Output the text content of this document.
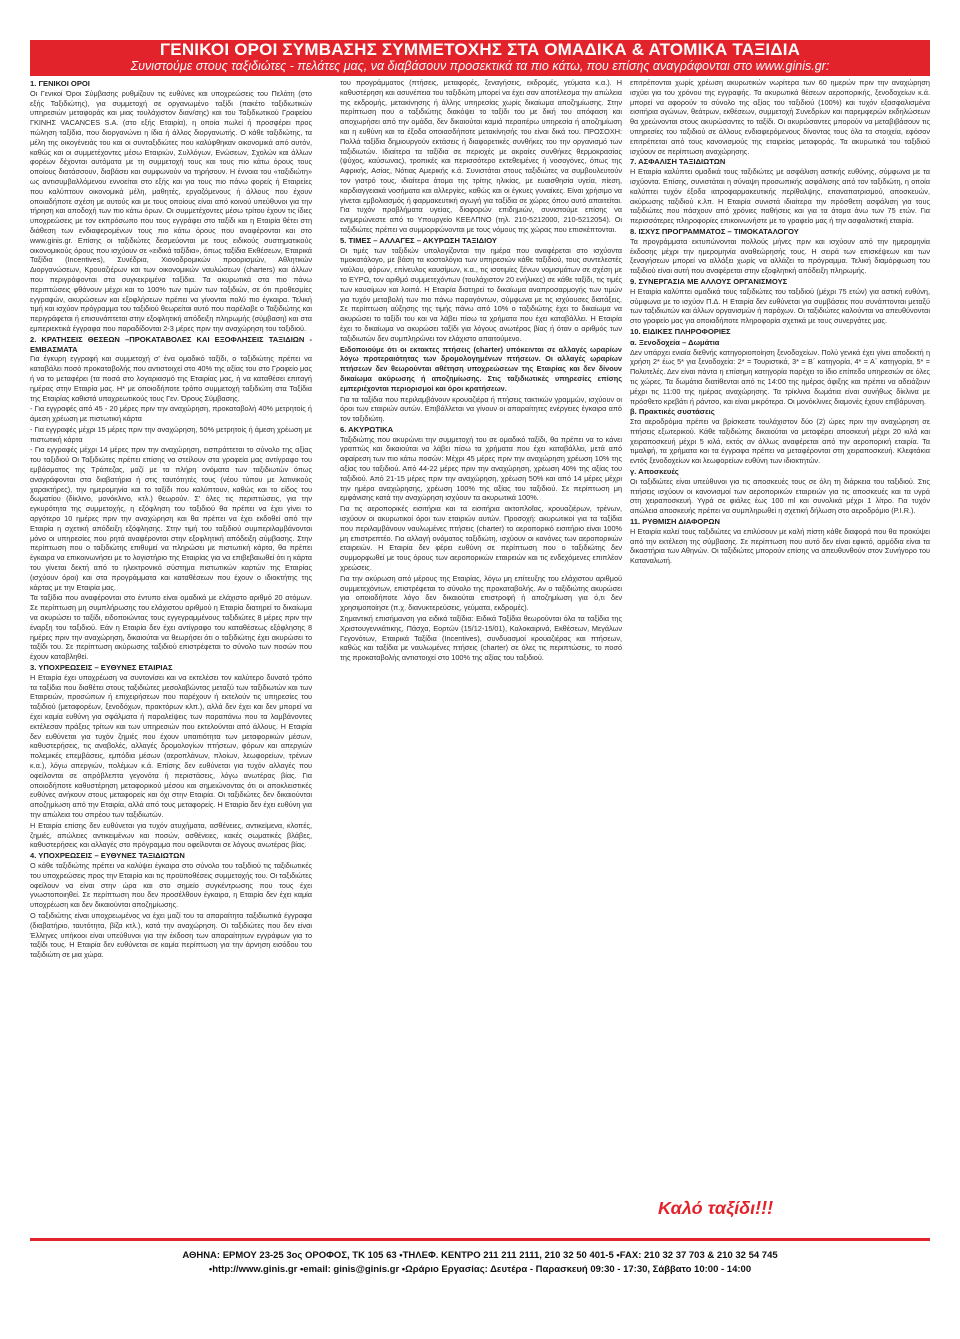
ΓΕΝΙΚΟΙ ΟΡΟΙ ΣΥΜΒΑΣΗΣ ΣΥΜΜΕΤΟΧΗΣ ΣΤΑ ΟΜΑΔΙΚΑ & ΑΤΟΜΙΚΑ ΤΑΞΙΔΙΑ
Συνιστούμε στους ταξιδιώτες - πελάτες μας, να διαβάσουν προσεκτικά τα πιο κάτω, που επίσης αναγράφονται στο www.ginis.gr:
1. ΓΕΝΙΚΟΙ ΟΡΟΙ

Οι Γενικοί Όροι Σύμβασης ρυθμίζουν τις ευθύνες και υποχρεώσεις του Πελάτη (στο εξής Ταξιδιώτης), για συμμετοχή σε οργανωμένο ταξίδι (πακέτο ταξιδιωτικών υπηρεσιών μεταφοράς και μιας τουλάχιστον διαν/σης) και του Ταξιδιωτικού Γραφείου ΓΚΙΝΗΣ VACANCES S.A. (στο εξής Εταιρία), η οποία πωλεί ή προσφέρει προς πώληση ταξίδια, που διοργανώνει η ίδια ή άλλος διοργανωτής. Ο κάθε ταξιδιώτης, τα μέλη της οικογένειάς του και οι συνταξιδιώτες που καλύφθηκαν οικονομικά από αυτόν, καθώς και οι συμμετέχοντες μέσω Εταιριών, Συλλόγων, Ενώσεων, Σχολών και άλλων φορέων δέχονται αυτόματα με τη συμμετοχή τους και τους πιο κάτω όρους τους οποίους διατάσσουν, διαβάσει και συμφωνούν να τηρήσουν. Η έννοια του «ταξιδιώτη» ως αντισυμβαλλόμενου εννοείται στο εξής και για τους πιο πάνω φορείς ή Εταιρείες που καλύπτουν οικονομικά μέλη, μαθητές, εργαζόμενους ή άλλους που έχουν οποιαδήποτε σχέση με αυτούς και με τους οποίους είναι από κοινού υπεύθυνοι για την τήρηση και αποδοχή των πιο κάτω όρων. Οι συμμετέχοντες μέσω τρίτου έχουν τις ίδιες υποχρεώσεις με τον εκπρόσωπο που τους εγγράφει στο ταξίδι και η Εταιρία θέτει στη διάθεση των ενδιαφερομένων τους πιο κάτω όρους που αναφέρονται και στο www.ginis.gr. Επίσης οι ταξιδιώτες δεσμεύονται με τους ειδικούς συστηματικούς οικονομικούς όρους που ισχύουν σε «ειδικά ταξίδια», όπως ταξίδια Εκθέσεων, Εταιρικά Ταξίδια (Incentives), Συνέδρια, Χιονοδρομικών προορισμών, Αθλητικών Διοργανώσεων, Κρουαζιέρων και των οικονομικών ναυλώσεων (charters) και άλλων που περιγράφονται στα συγκεκριμένα ταξίδια. Τα ακυρωτικά στα πιο πάνω περιπτώσεις φθάνουν μέχρι και το 100% των τιμών των ταξιδιών, σε ότι προθεσμίες εγγραφών, ακυρώσεων και εξοφλήσεων πρέπει να γίνονται πολύ πιο έγκαιρα. Τελική τιμή και ισχύον πρόγραμμα του ταξιδιού θεωρείται αυτό που παρέλαβε ο Ταξιδιώτης και περιγράφεται ή επισυνάπτεται στην εξοφλητική απόδειξη πληρωμής (σύμβαση) και στα εμπεριεκτικά έγγραφα που παραδίδονται 2-3 μέρες πριν την αναχώρηση του ταξιδιού.

2. ΚΡΑΤΗΣΕΙΣ ΘΕΣΕΩΝ –ΠΡΟΚΑΤΑΒΟΛΕΣ ΚΑΙ ΕΞΟΦΛΗΣΕΙΣ ΤΑΞΙΔΙΩΝ - ΕΜΒΑΣΜΑΤΑ

Για έγκυρη εγγραφή και συμμετοχή σ' ένα ομαδικό ταξίδι, ο ταξιδιώτης πρέπει να καταβάλει ποσό προκαταβολής που αντιστοιχεί στο 40% της αξίας του στο Γραφείο μας ή να το μεταφέρει (τα ποσά στο λογαριασμό της Εταιρίας μας, ή να καταθέσει επιταγή ημέρας στην Εταιρία μας. Η* με οποιοδήποτε τρόπο συμμετοχή ταξιδιώτη στα Ταξίδια της Εταιρίας καθιστά υποχρεωτικούς τους Γεν. Όρους Σύμβασης.

- Για εγγραφές από 45 - 20 μέρες πριν την αναχώρηση, προκαταβολή 40% μετρητοίς ή άμεση χρέωση με πιστωτική κάρτα

- Για εγγραφές μέχρι 15 μέρες πριν την αναχώρηση, 50% μετρητοίς ή άμεση χρέωση με πιστωτική κάρτα

- Για εγγραφές μέχρι 14 μέρες πριν την αναχώρηση, εισπράττεται το σύνολο της αξίας του ταξιδιού Οι Ταξιδιώτες πρέπει επίσης να στείλουν στα γραφεία μας αντίγραφο του εμβάσματος της Τράπεζας, μαζί με τα πλήρη ονόματα των ταξιδιωτών όπως αναγράφονται στα διαβατήρια ή στις ταυτότητές τους (νέου τύπου με λατινικούς χαρακτήρες), την ημερομηνία και το ταξίδι που καλύπτουν, καθώς και το είδος του δωματίου (δίκλινο, μονόκλινο, κτλ.) θεωρούν. Σ' όλες τις περιπτώσεις, για την εγκυρότητα της συμμετοχής, η εξόφληση του ταξιδιού θα πρέπει να έχει γίνει το αργότερο 10 ημέρες πριν την αναχώρηση και θα πρέπει να έχει εκδοθεί από την Εταιρία η σχετική απόδειξη εξόφλησης. Στην τιμή του ταξιδιού συμπεριλαμβάνονται μόνο οι υπηρεσίες που ρητά αναφέρονται στην εξοφλητική απόδειξη σύμβασης. Στην περίπτωση που ο ταξιδιώτης επιθυμεί να πληρώσει με πιστωτική κάρτα, θα πρέπει έγκαιρα να επικοινωνήσει με το λογιστήριο της Εταιρίας για να επιβεβαιωθεί ότι η κάρτα του γίνεται δεκτή από το ηλεκτρονικό σύστημα πιστωτικών καρτών της Εταιρίας (ισχύουν όροι) και στα προγράμματα και καταθέσεων που έχουν ο ιδιοκτήτης της κάρτας με την Εταιρία μας.

Τα ταξίδια που αναφέρονται στο έντυπο είναι ομαδικά με ελάχιστο αριθμό 20 ατόμων. Σε περίπτωση μη συμπλήρωσης του ελάχιστου αριθμού η Εταιρία διατηρεί το δικαίωμα να ακυρώσει το ταξίδι, ειδοποιώντας τους εγγεγραμμένους ταξιδιώτες 8 μέρες πριν την έναρξη του ταξιδιού. Εάν η Εταιρία δεν έχει αντίγραφο του καταθέσεως εξόφλησης 8 ημέρες πριν την αναχώρηση, δικαιούται να θεωρήσει ότι ο ταξιδιώτης έχει ακυρώσει το ταξίδι του. Σε περίπτωση ακύρωσης ταξιδιού επιστρέφεται το σύνολο των ποσών που έχουν καταβληθεί.

3. ΥΠΟΧΡΕΩΣΕΙΣ – ΕΥΘΥΝΕΣ ΕΤΑΙΡΙΑΣ

Η Εταιρία έχει υποχρέωση να συντονίσει και να εκτελέσει τον καλύτερο δυνατό τρόπο τα ταξίδια που διαθέτει στους ταξιδιώτες μεσολαβώντας μεταξύ των ταξιδιωτών και των Εταιρειών, προσώπων ή επιχειρήσεων που παρέχουν ή εκτελούν τις υπηρεσίες του ταξιδιού (μεταφορέων, ξενοδόχων, πρακτόρων κλπ.), αλλά δεν έχει και δεν μπορεί να έχει καμία ευθύνη για σφάλματα ή παραλείψεις των παραπάνω που τα λαμβάνοντες εκτέλεσαν πράξεις τρίτων και των υπηρεσιών που εκτελούνται από άλλους. Η Εταιρία δεν ευθύνεται για τυχόν ζημιές που έχουν υπαιτιότητα των μεταφορικών μέσων, καθυστερήσεις, τις αναβολές, αλλαγές δρομολογίων πτήσεων, φόρων και απεργιών πολεμικές επεμβάσεις, εμπόδια μέσων (αεροπλάνων, πλοίων, λεωφορείων, τρένων κ.α.), λόγω απεργιών, πολέμων κ.ά. Επίσης δεν ευθύνεται για τυχόν αλλαγές που οφείλονται σε απρόβλεπτα γεγονότα ή περιστάσεις, λόγω ανωτέρας βίας. Για οποιοδήποτε καθυστέρηση μεταφορικού μέσου και σημειώνοντας ότι οι αποκλειστικές ευθύνες ανήκουν στους μεταφορείς και όχι στην Εταιρία. Οι ταξιδιώτες δεν δικαιούνται αποζημίωση από την Εταιρία, αλλά από τους μεταφορείς. Η Εταιρία δεν έχει ευθύνη για την απώλεια του σπρέου των ταξιδιωτών.

Η Εταιρία επίσης δεν ευθύνεται για τυχόν ατυχήματα, ασθένειες, αντικείμενα, κλοπές, ζημιές, απώλειες αντικειμένων και ποσών, ασθένειες, κακές σωματικές βλάβες, καθυστερήσεις και αλλαγές στο πρόγραμμα που οφείλονται σε λόγους ανωτέρας βίας.

4. ΥΠΟΧΡΕΩΣΕΙΣ – ΕΥΘΥΝΕΣ ΤΑΞΙΔΙΩΤΩΝ

Ο κάθε ταξιδιώτης πρέπει να καλύψει έγκαιρα στο σύνολο του ταξιδιού τις ταξιδιωτικές του υποχρεώσεις προς την Εταιρία και τις προϋποθέσεις συμμετοχής του. Οι ταξιδιώτες οφείλουν να είναι στην ώρα και στο σημείο συγκέντρωσης που τους έχει γνωστοποιηθεί. Σε περίπτωση που δεν προσέλθουν έγκαιρα, η Εταιρία δεν έχει καμία υποχρέωση και δεν δικαιούνται αποζημίωσης.

Ο ταξιδιώτης είναι υποχρεωμένος να έχει μαζί του τα απαραίτητα ταξιδιωτικά έγγραφα (διαβατήριο, ταυτότητα, βίζα κτλ.), κατά την αναχώρηση. Οι ταξιδιώτες που δεν είναι Έλληνες υπήκοοι είναι υπεύθυνοι για την έκδοση των απαραίτητων εγγράφων για το ταξίδι τους. Η Εταιρία δεν ευθύνεται σε καμία περίπτωση για την άρνηση εισόδου του ταξιδιώτη σε μια χώρα.

του προγράμματος (πτήσεις, μεταφορές, ξεναγήσεις, εκδρομές, γεύματα κ.α.). Η καθυστέρηση και ασυνέπεια του ταξιδιώτη μπορεί να έχει σαν αποτέλεσμα την απώλεια της εκδρομής, μετακίνησης ή άλλης υπηρεσίας χωρίς δικαίωμα αποζημίωσης. Στην περίπτωση που ο ταξιδιώτης διακόψει το ταξίδι του με δική του απόφαση και αποχωρήσει από την ομάδα, δεν δικαιούται καμιά περαιτέρω υπηρεσία ή αποζημίωση και η ευθύνη και τα έξοδα οποιασδήποτε μετακίνησής του είναι δικά του. ΠΡΟΣΟΧΗ: Πολλά ταξίδια δημιουργούν εκτάσεις ή διαφορετικές συνθήκες του την οργανισμό των ταξιδιωτών. Ιδιαίτερα τα ταξίδια σε περιοχές με ακραίες συνθήκες θερμοκρασίας (ψύχος, καύσωνας), τροπικές και περισσότερο εκτεθειμένες ή νοσογόνες, όπως της Αφρικής, Ασίας, Νότιας Αμερικής κ.ά. Συνιστάται στους ταξιδιώτες να συμβουλευτούν τον γιατρό τους, ιδιαίτερα άτομα της τρίτης ηλικίας, με ευαισθησία υγεία, πίεση, καρδιαγγειακά νοσήματα και αλλεργίες, καθώς και οι έγκυες γυναίκες. Είναι χρήσιμο να γίνεται εμβολιασμός ή φαρμακευτική αγωγή για ταξίδια σε χώρες όπου αυτό απαιτείται. Για τυχόν προβλήματα υγείας, διαφορών επιδημιών, συνιστούμε επίσης να ενημερώνεστε από το Υπουργείο ΚΕΕΛΠΝΟ (τηλ. 210-5212000, 210-5212054). Οι ταξιδιώτες πρέπει να συμμορφώνονται με τους νόμους της χώρας που επισκέπτονται.

5. ΤΙΜΕΣ – ΑΛΛΑΓΕΣ – ΑΚΥΡΩΣΗ ΤΑΞΙΔΙΟΥ

Οι τιμές των ταξιδιών υπολογίζονται την ημέρα που αναφέρεται στο ισχύοντα τιμοκατάλογο, με βάση τα κοστολόγια των υπηρεσιών κάθε ταξιδιού, τους συντελεστές ναύλου, φόρων, επίνευλος καυσίμων, κ.α., τις ισοτιμίες ξένων νομισμάτων σε σχέση με το ΕΥΡΩ, τον αριθμό συμμετεχόντων (τουλάχιστον 20 ενήλικες) σε κάθε ταξίδι, τις τιμές των καυσίμων και λοιπά. Η Εταιρία διατηρεί το δικαίωμα αναπροσαρμογής των τιμών για τυχόν μεταβολή των πιο πάνω παραγόντων, σύμφωνα με τις ισχύουσες διατάξεις. Σε περίπτωση αύξησης της τιμής πάνω από 10% ο ταξιδιώτης έχει το δικαίωμα να ακυρώσει το ταξίδι του και να λάβει πίσω τα χρήματα που έχει καταβάλλει. Η Εταιρία έχει το δικαίωμα να ακυρώσει ταξίδι για λόγους ανωτέρας βίας ή όταν ο αριθμός των ταξιδιωτών δεν συμπληρώνει τον ελάχιστο απαιτούμενο.

Ειδοποιούμε ότι οι εκτακτες πτήσεις (charter) υπόκεινται σε αλλαγές ωραρίων λόγω προτεραιότητας των δρομολογημένων πτήσεων. Οι αλλαγές ωραρίων πτήσεων δεν θεωρούνται αθέτηση υποχρεώσεων της Εταιρίας και δεν δίνουν δικαίωμα ακύρωσης ή αποζημίωσης. Στις ταξιδιωτικές υπηρεσίες επίσης εμπεριέχονται περιορισμοί και όροι κρατήσεων.

Για τα ταξίδια που περιλαμβάνουν κρουαζιέρα ή πτήσεις τακτικών γραμμών, ισχύουν οι όροι των εταιριών αυτών. Επιβάλλεται να γίνουν οι απαραίτητες ενέργειες έγκαιρα από τον ταξιδιώτη.

6. ΑΚΥΡΩΤΙΚΑ

Ταξιδιώτης που ακυρώνει την συμμετοχή του σε ομαδικό ταξίδι, θα πρέπει να το κάνει γραπτώς και δικαιούται να λάβει πίσω τα χρήματα που έχει καταβάλλει, μετά από αφαίρεση των πιο κάτω ποσών: Μέχρι 45 μέρες πριν την αναχώρηση χρέωση 10% της αξίας του ταξιδιού. Από 44-22 μέρες πριν την αναχώρηση, χρέωση 40% της αξίας του ταξιδιού. Από 21-15 μέρες πριν την αναχώρηση, χρέωση 50% και από 14 μέρες μέχρι την ημέρα αναχώρησης, χρέωση 100% της αξίας του ταξιδιού. Σε περίπτωση μη εμφάνισης κατά την αναχώρηση ισχύουν τα ακυρωτικά 100%.

Για τις αεροπορικές εισιτήρια και τα εισιτήρια ακτοπλοΐας, κρουαζιέρων, τρένων, ισχύουν οι ακυρωτικοί όροι των εταιριών αυτών. Προσοχή: ακυρωτικοί για τα ταξίδια που περιλαμβάνουν ναυλωμένες πτήσεις (charter) το αεροπορικό εισιτήριο είναι 100% μη επιστρεπτέο. Για αλλαγή ονόματος ταξιδιώτη, ισχύουν οι κανόνες των αεροπορικών εταιρειών. Η Εταιρία δεν φέρει ευθύνη σε περίπτωση που ο ταξιδιώτης δεν συμμορφωθεί με τους όρους των αεροπορικών εταιρειών και τις ενδεχόμενες επιπλέον χρεώσεις.

Για την ακύρωση από μέρους της Εταιρίας, λόγω μη επίτευξης του ελάχιστου αριθμού συμμετεχόντων, επιστρέφεται το σύνολο της προκαταβολής. Αν ο ταξιδιώτης ακυρώσει για οποιοδήποτε λόγο δεν δικαιούται επιστροφή ή αποζημίωση για ό,τι δεν χρησιμοποίησε (π.χ. διανυκτερεύσεις, γεύματα, εκδρομές).

Σημαντική επισήμανση για ειδικά ταξίδια: Ειδικά Ταξίδια θεωρούνται όλα τα ταξίδια της Χριστουγεννιάτικης, Πάσχα, Εορτών (15/12-15/01), Καλοκαιρινά, Εκθέσεων, Μεγάλων Γεγονότων, Εταιρικά Ταξίδια (Incentives), συνδυασμοί κρουαζιέρας και πτήσεων, καθώς και ταξίδια με ναυλωμένες πτήσεις (charter) σε όλες τις περιπτώσεις, το ποσό της προκαταβολής αντιστοιχεί στο 100% της αξίας του ταξιδιού.

επιτρέπονται χωρίς χρέωση ακυρωτικών νωρίτερα των 60 ημερών πριν την αναχώρηση ισχύει για του χρόνου της εγγραφής. Τα ακυρωτικά θέσεων αεροπορικής, ξενοδοχείων κ.ά. μπορεί να αφορούν το σύνολο της αξίας του ταξιδιού (100%) και τυχόν εξασφαλισμένα εισιτήρια αγώνων, θεάτρων, εκθέσεων, συμμετοχή Συνεδρίων και παρεμφερών εκδηλώσεων θα χρεώνονται στους ακυρώσαντες το ταξίδι. Οι ακυρώσαντες μπορούν να μεταβιβάσουν τις υπηρεσίες του ταξιδιού σε άλλους ενδιαφερόμενους δίνοντας τους όλα τα στοιχεία, εφόσον επιτρέπεται από τους κανονισμούς της εταιρείας μεταφοράς. Τα ακυρωτικά του ταξιδιού ισχύουν σε περίπτωση αναχώρησης.

7. ΑΣΦΑΛΙΣΗ ΤΑΞΙΔΙΩΤΩΝ

Η Εταιρία καλύπτει ομαδικά τους ταξιδιώτες με ασφάλιση αστικής ευθύνης, σύμφωνα με τα ισχύοντα. Επίσης, συνιστάται η σύναψη προσωπικής ασφάλισης από τον ταξιδιώτη, η οποία καλύπτει τυχόν έξοδα ιατροφαρμακευτικής περίθαλψης, επαναπατρισμού, αποσκευών, ακύρωσης ταξιδιού κ.λπ. Η Εταιρία συνιστά ιδιαίτερα την πρόσθετη ασφάλιση για τους ταξιδιώτες που πάσχουν από χρόνιες παθήσεις και για τα άτομα άνω των 75 ετών. Για περισσότερες πληροφορίες επικοινωνήστε με το γραφείο μας ή την ασφαλιστική εταιρία.

8. ΙΣΧΥΣ ΠΡΟΓΡΑΜΜΑΤΟΣ – ΤΙΜΟΚΑΤΑΛΟΓΟΥ

Τα προγράμματα εκτυπώνονται πολλούς μήνες πριν και ισχύουν από την ημερομηνία έκδοσης μέχρι την ημερομηνία αναθεώρησής τους. Η σειρά των επισκέψεων και των ξεναγήσεων μπορεί να αλλάξει χωρίς να αλλάζει το πρόγραμμα. Τελική διαμόρφωση του ταξιδιού είναι αυτή που αναφέρεται στην εξοφλητική απόδειξη πληρωμής.

9. ΣΥΝΕΡΓΑΣΙΑ ΜΕ ΑΛΛΟΥΣ ΟΡΓΑΝΙΣΜΟΥΣ

Η Εταιρία καλύπτει ομαδικά τους ταξιδιώτες του ταξιδιού (μέχρι 75 ετών) για αστική ευθύνη, σύμφωνα με το ισχύον Π.Δ. Η Εταιρία δεν ευθύνεται για συμβάσεις που συνάπτονται μεταξύ των ταξιδιωτών και άλλων οργανισμών ή παρόχων. Οι ταξιδιώτες καλούνται να απευθύνονται στο γραφείο μας για οποιαδήποτε πληροφορία σχετικά με τους συνεργάτες μας.

10. ΕΙΔΙΚΕΣ ΠΛΗΡΟΦΟΡΙΕΣ
α. Ξενοδοχεία – Δωμάτια

Δεν υπάρχει ενιαία διεθνής κατηγοριοποίηση ξενοδοχείων. Πολύ γενικά έχει γίνει αποδεκτή η χρήση 2* έως 5* για ξενοδοχεία: 2* = Τουριστικά, 3* = Β΄ κατηγορία, 4* = Α΄ κατηγορία, 5* = Πολυτελές. Δεν είναι πάντα η επίσημη κατηγορία παρέχει το ίδιο επίπεδο υπηρεσιών σε όλες τις χώρες. Τα δωμάτια διατίθενται από τις 14:00 της ημέρας άφιξης και πρέπει να αδειάζουν μέχρι τις 11:00 της ημέρας αναχώρησης. Τα τρίκλινα δωμάτια είναι συνήθως δίκλινα με πρόσθετο κρεβάτι ή ράντσο, και είναι μικρότερα. Οι μονόκλινες διαμονές έχουν επιβάρυνση.

β. Πρακτικές συστάσεις

Στα αεροδρόμια πρέπει να βρίσκεστε τουλάχιστον δύο (2) ώρες πριν την αναχώρηση σε πτήσεις εξωτερικού. Κάθε ταξιδιώτης δικαιούται να μεταφέρει αποσκευή μέχρι 20 κιλά και χειραποσκευή μέχρι 5 κιλά, εκτός αν άλλως αναφέρεται από την αεροπορική εταιρία. Τα τιμαλφή, τα χρήματα και τα έγγραφα πρέπει να μεταφέρονται στη χειραποσκευή. Κλεφτάκια εντός ξενοδοχείων και λεωφορείων ευθύνη των ιδιοκτητών.

γ. Αποσκευές

Οι ταξιδιώτες είναι υπεύθυνοι για τις αποσκευές τους σε όλη τη διάρκεια του ταξιδιού. Στις πτήσεις ισχύουν οι κανονισμοί των αεροπορικών εταιρειών για τις αποσκευές και τα υγρά στη χειραποσκευή. Υγρά σε φιάλες έως 100 ml και συνολικά μέχρι 1 λίτρο. Για τυχόν απώλεια αποσκευής πρέπει να συμπληρωθεί η σχετική δήλωση στο αεροδρόμιο (P.I.R.).

11. ΡΥΘΜΙΣΗ ΔΙΑΦΟΡΩΝ

Η Εταιρία καλεί τους ταξιδιώτες να επιλύσουν με καλή πίστη κάθε διαφορά που θα προκύψει από την εκτέλεση της σύμβασης. Σε περίπτωση που αυτό δεν είναι εφικτό, αρμόδια είναι τα δικαστήρια των Αθηνών. Οι ταξιδιώτες μπορούν επίσης να απευθυνθούν στον Συνήγορο του Καταναλωτή.

Καλό ταξίδι!!!
ΑΘΗΝΑ: ΕΡΜΟΥ 23-25 3ος ΟΡΟΦΟΣ, ΤΚ 105 63 •ΤΗΛΕΦ. ΚΕΝΤΡΟ 211 211 2111, 210 32 50 401-5 •FAX: 210 32 37 703 & 210 32 54 745
•http://www.ginis.gr •email: ginis@ginis.gr •Ωράριο Εργασίας: Δευτέρα - Παρασκευή 09:30 - 17:30, Σάββατο 10:00 - 14:00
